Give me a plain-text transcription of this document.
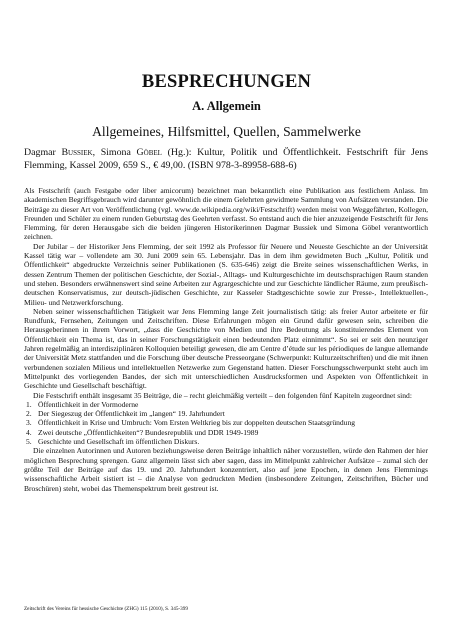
BESPRECHUNGEN
A. Allgemein
Allgemeines, Hilfsmittel, Quellen, Sammelwerke
Dagmar Bussiek, Simona Göbel (Hg.): Kultur, Politik und Öffentlichkeit. Festschrift für Jens Flemming, Kassel 2009, 659 S., € 49,00. (ISBN 978-3-89958-688-6)

Als Festschrift (auch Festgabe oder liber amicorum) bezeichnet man bekanntlich eine Publikation aus festlichem Anlass. Im akademischen Begriffsgebrauch wird darunter gewöhnlich die einem Gelehrten gewidmete Sammlung von Aufsätzen verstanden. Die Beiträge zu dieser Art von Veröffentlichung (vgl. www.de.wikipedia.org/wiki/Festschrift) werden meist von Weggefährten, Kollegen, Freunden und Schüler zu einem runden Geburtstag des Geehrten verfasst. So entstand auch die hier anzuzeigende Festschrift für Jens Flemming, für deren Herausgabe sich die beiden jüngeren Historikerinnen Dagmar Bussiek und Simona Göbel verantwortlich zeichnen.

Der Jubilar – der Historiker Jens Flemming, der seit 1992 als Professor für Neuere und Neueste Geschichte an der Universität Kassel tätig war – vollendete am 30. Juni 2009 sein 65. Lebensjahr. Das in dem ihm gewidmeten Buch „Kultur, Politik und Öffentlichkeit“ abgedruckte Verzeichnis seiner Publikationen (S. 635-646) zeigt die Breite seines wissenschaftlichen Werks, in dessen Zentrum Themen der politischen Geschichte, der Sozial-, Alltags- und Kulturgeschichte im deutschsprachigen Raum standen und stehen. Besonders erwähnenswert sind seine Arbeiten zur Agrargeschichte und zur Geschichte ländlicher Räume, zum preußisch-deutschen Konservatismus, zur deutsch-jüdischen Geschichte, zur Kasseler Stadtgeschichte sowie zur Presse-, Intellektuellen-, Milieu- und Netzwerkforschung.

Neben seiner wissenschaftlichen Tätigkeit war Jens Flemming lange Zeit journalistisch tätig: als freier Autor arbeitete er für Rundfunk, Fernsehen, Zeitungen und Zeitschriften. Diese Erfahrungen mögen ein Grund dafür gewesen sein, schreiben die Herausgeberinnen in ihrem Vorwort, „dass die Geschichte von Medien und ihre Bedeutung als konstituierendes Element von Öffentlichkeit ein Thema ist, das in seiner Forschungstätigkeit einen bedeutenden Platz einnimmt“. So sei er seit den neunziger Jahren regelmäßig an interdisziplinären Kolloquien beteiligt gewesen, die am Centre d’étude sur les périodiques de langue allemande der Universität Metz stattfanden und die Forschung über deutsche Presseorgane (Schwerpunkt: Kulturzeitschriften) und die mit ihnen verbundenen sozialen Milieus und intellektuellen Netzwerke zum Gegenstand hatten. Dieser Forschungsschwerpunkt steht auch im Mittelpunkt des vorliegenden Bandes, der sich mit unterschiedlichen Ausdrucksformen und Aspekten von Öffentlichkeit in Geschichte und Gesellschaft beschäftigt.

Die Festschrift enthält insgesamt 35 Beiträge, die – recht gleichmäßig verteilt – den folgenden fünf Kapiteln zugeordnet sind:

1. Öffentlichkeit in der Vormoderne
2. Der Siegeszug der Öffentlichkeit im „langen“ 19. Jahrhundert
3. Öffentlichkeit in Krise und Umbruch: Vom Ersten Weltkrieg bis zur doppelten deutschen Staatsgründung
4. Zwei deutsche „Öffentlichkeiten“? Bundesrepublik und DDR 1949-1989
5. Geschichte und Gesellschaft im öffentlichen Diskurs.

Die einzelnen Autorinnen und Autoren beziehungsweise deren Beiträge inhaltlich näher vorzustellen, würde den Rahmen der hier möglichen Besprechung sprengen. Ganz allgemein lässt sich aber sagen, dass im Mittelpunkt zahlreicher Aufsätze – zumal sich der größte Teil der Beiträge auf das 19. und 20. Jahrhundert konzentriert, also auf jene Epochen, in denen Jens Flemmings wissenschaftliche Arbeit sistiert ist – die Analyse von gedruckten Medien (insbesondere Zeitungen, Zeitschriften, Bücher und Broschüren) steht, wobei das Themenspektrum breit gestreut ist.

Zeitschrift des Vereins für hessische Geschichte (ZHG) 115 (2010), S. 345-399
